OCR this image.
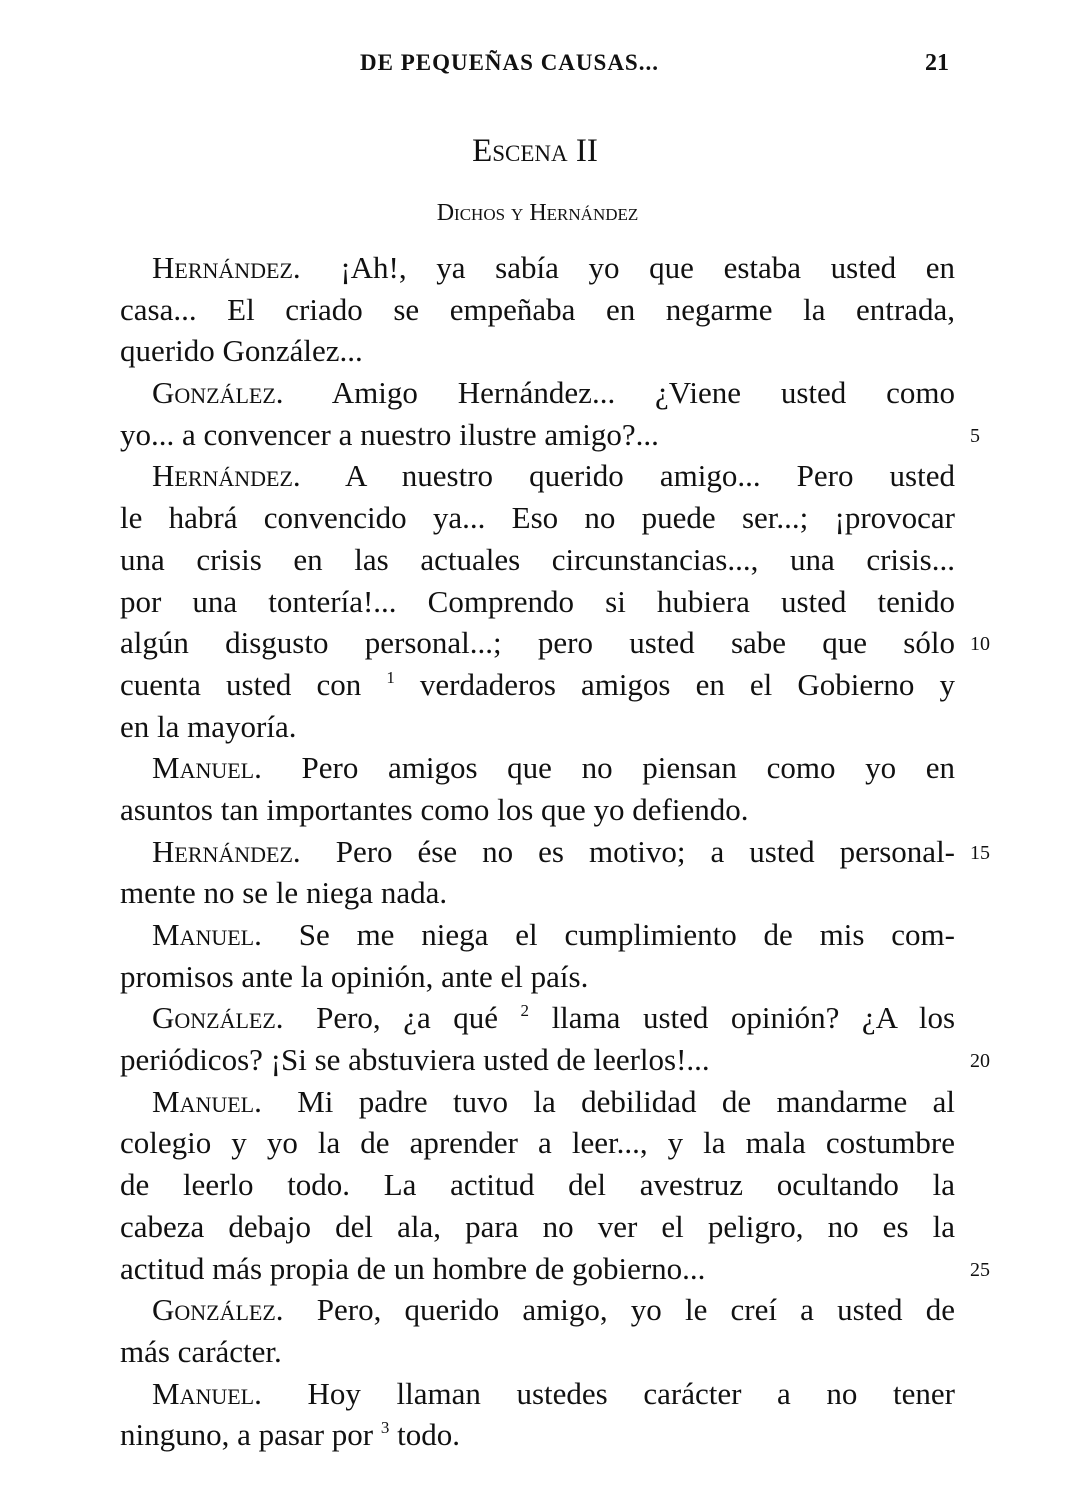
DE PEQUEÑAS CAUSAS...	21
Escena II
Dichos y Hernández
Hernández. ¡Ah!, ya sabía yo que estaba usted en
casa... El criado se empeñaba en negarme la entrada,
querido González...
González. Amigo Hernández... ¿Viene usted como
yo... a convencer a nuestro ilustre amigo?...	5
Hernández. A nuestro querido amigo... Pero usted
le habrá convencido ya... Eso no puede ser...; ¡provocar
una crisis en las actuales circunstancias..., una crisis...
por una tontería!... Comprendo si hubiera usted tenido
algún disgusto personal...; pero usted sabe que sólo 10
cuenta usted con $^1$ verdaderos amigos en el Gobierno y
en la mayoría.
Manuel. Pero amigos que no piensan como yo en
asuntos tan importantes como los que yo defiendo.
Hernández. Pero ése no es motivo; a usted personal- 15
mente no se le niega nada.
Manuel. Se me niega el cumplimiento de mis com-
promisos ante la opinión, ante el país.
González. Pero, ¿a qué $^2$ llama usted opinión? ¿A los
periódicos? ¡Si se abstuviera usted de leerlos!...	20
Manuel. Mi padre tuvo la debilidad de mandarme al
colegio y yo la de aprender a leer..., y la mala costumbre
de leerlo todo. La actitud del avestruz ocultando la
cabeza debajo del ala, para no ver el peligro, no es la
actitud más propia de un hombre de gobierno...	25
González. Pero, querido amigo, yo le creí a usted de
más carácter.
Manuel. Hoy llaman ustedes carácter a no tener
ninguno, a pasar por $^3$ todo.
